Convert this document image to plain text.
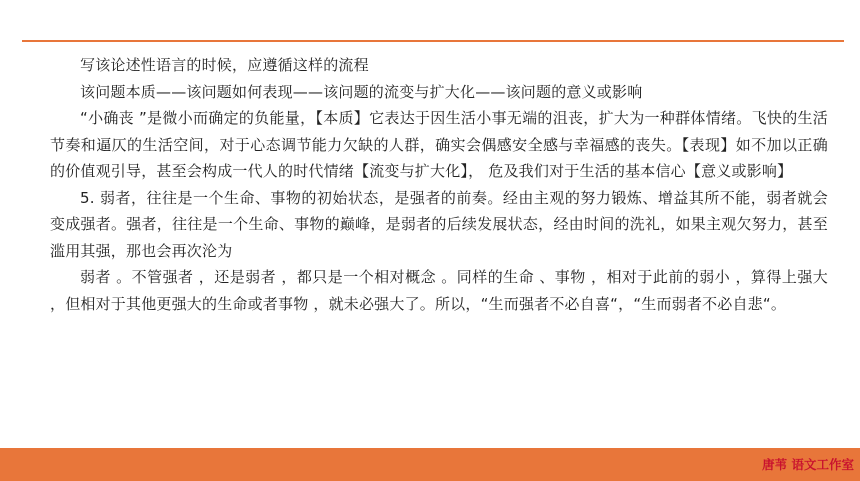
写该论述性语言的时候，应遵循这样的流程

该问题本质——该问题如何表现——该问题的流变与扩大化——该问题的意义或影响

“小确丧 ”是微小而确定的负能量，【本质】它表达于因生活小事无端的沮丧，扩大为一种群体情绪。飞快的生活节奏和逼仄的生活空间，对于心态调节能力欠缺的人群，确实会偶感安全感与幸福感的丧失。【表现】如不加以正确的价值观引导，甚至会构成一代人的时代情绪【流变与扩大化】， 危及我们对于生活的基本信心【意义或影响】

5. 弱者，往往是一个生命、事物的初始状态，是强者的前奏。经由主观的努力锻炼、增益其所不能，弱者就会变成强者。强者，往往是一个生命、事物的巅峰，是弱者的后续发展状态，经由时间的洗礼，如果主观欠努力，甚至滥用其强，那也会再次沦为

弱者 。不管强者 ，还是弱者 ，都只是一个相对概念 。同样的生命 、事物 ，相对于此前的弱小 ，算得上强大 ，但相对于其他更强大的生命或者事物 ，就未必强大了。所以，“生而强者不必自喜“，“生而弱者不必自悲“。

唐苇 语文工作室
